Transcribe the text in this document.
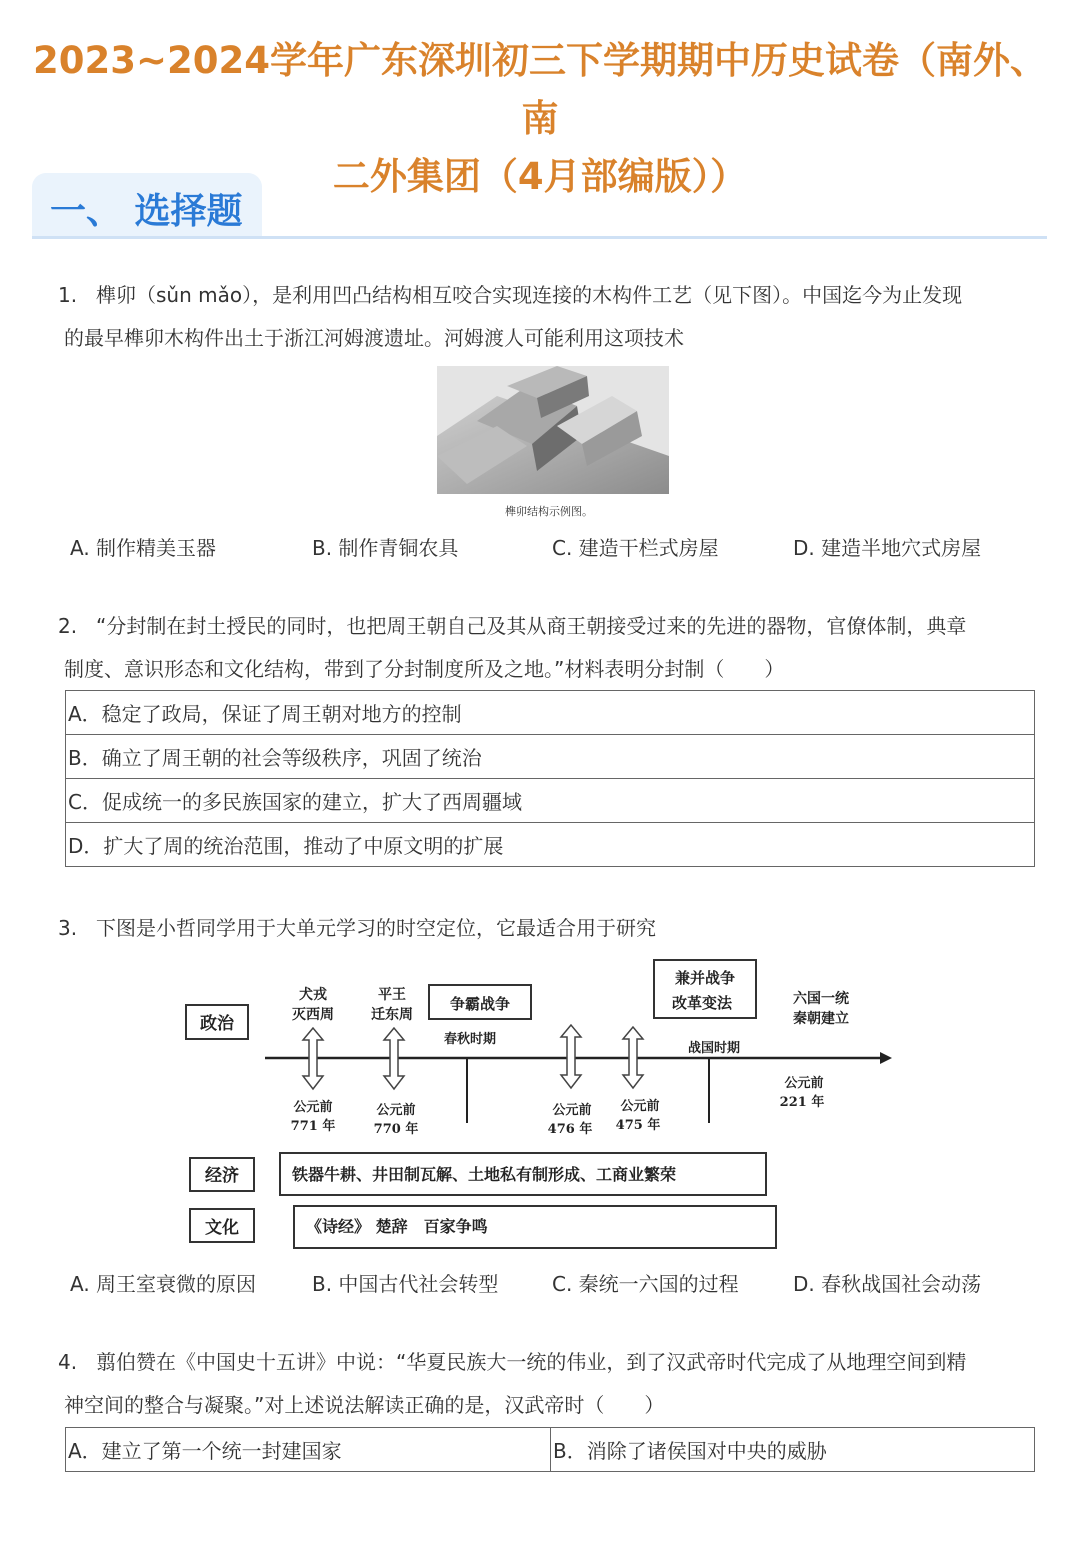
2023~2024学年广东深圳初三下学期期中历史试卷（南外、南
二外集团（4月部编版））
一、 选择题
1. 榫卯（sǔn mǎo），是利用凹凸结构相互咬合实现连接的木构件工艺（见下图）。中国迄今为止发现
的最早榫卯木构件出土于浙江河姆渡遗址。河姆渡人可能利用这项技术
榫卯结构示例图。
A. 制作精美玉器	B. 制作青铜农具	C. 建造干栏式房屋	D. 建造半地穴式房屋
2. “分封制在封土授民的同时，也把周王朝自己及其从商王朝接受过来的先进的器物，官僚体制，典章
制度、意识形态和文化结构，带到了分封制度所及之地。”材料表明分封制（　　）
A．稳定了政局，保证了周王朝对地方的控制
B．确立了周王朝的社会等级秩序，巩固了统治
C．促成统一的多民族国家的建立，扩大了西周疆域
D．扩大了周的统治范围，推动了中原文明的扩展
3. 下图是小哲同学用于大单元学习的时空定位，它最适合用于研究
政治
犬戎
灭西周
公元前
771 年
平王
迁东周
公元前
770 年
争霸战争
春秋时期
公元前
476 年
公元前
475 年
兼并战争
改革变法
战国时期
六国一统
秦朝建立
公元前
221 年
经济	铁器牛耕、井田制瓦解、土地私有制形成、工商业繁荣
文化	《诗经》 楚辞　百家争鸣
A. 周王室衰微的原因	B. 中国古代社会转型	C. 秦统一六国的过程	D. 春秋战国社会动荡
4. 翦伯赞在《中国史十五讲》中说：“华夏民族大一统的伟业，到了汉武帝时代完成了从地理空间到精
神空间的整合与凝聚。”对上述说法解读正确的是，汉武帝时（　　）
A．建立了第一个统一封建国家	B．消除了诸侯国对中央的威胁
